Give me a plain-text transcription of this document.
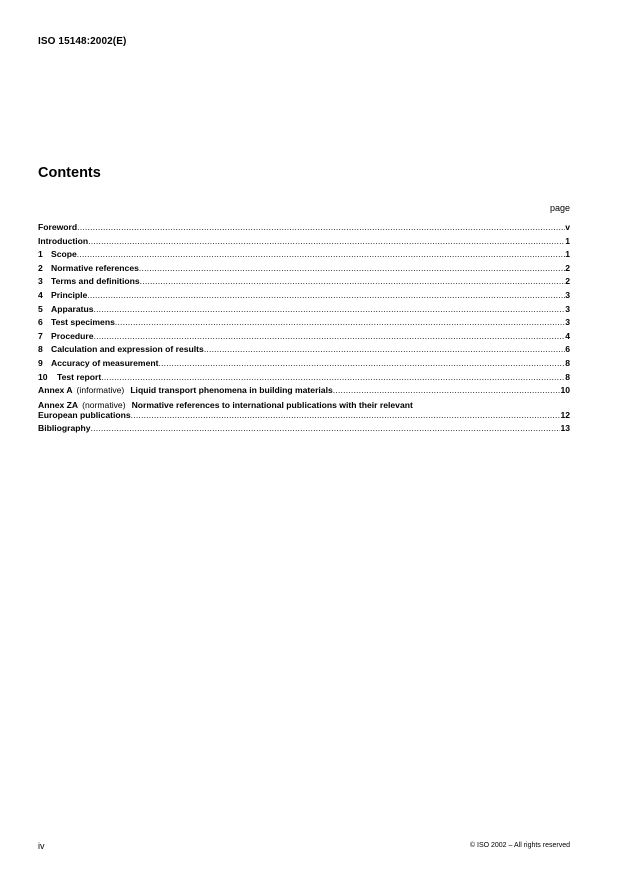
ISO 15148:2002(E)
Contents
page
Foreword .....	v
Introduction .....	1
1 Scope .....	1
2 Normative references .....	2
3 Terms and definitions .....	2
4 Principle .....	3
5 Apparatus .....	3
6 Test specimens .....	3
7 Procedure .....	4
8 Calculation and expression of results .....	6
9 Accuracy of measurement .....	8
10	Test report .....	8
Annex A (informative) Liquid transport phenomena in building materials .....	10
Annex ZA (normative) Normative references to international publications with their relevant
European publications .....	12
Bibliography .....	13
iv	© ISO 2002 – All rights reserved
